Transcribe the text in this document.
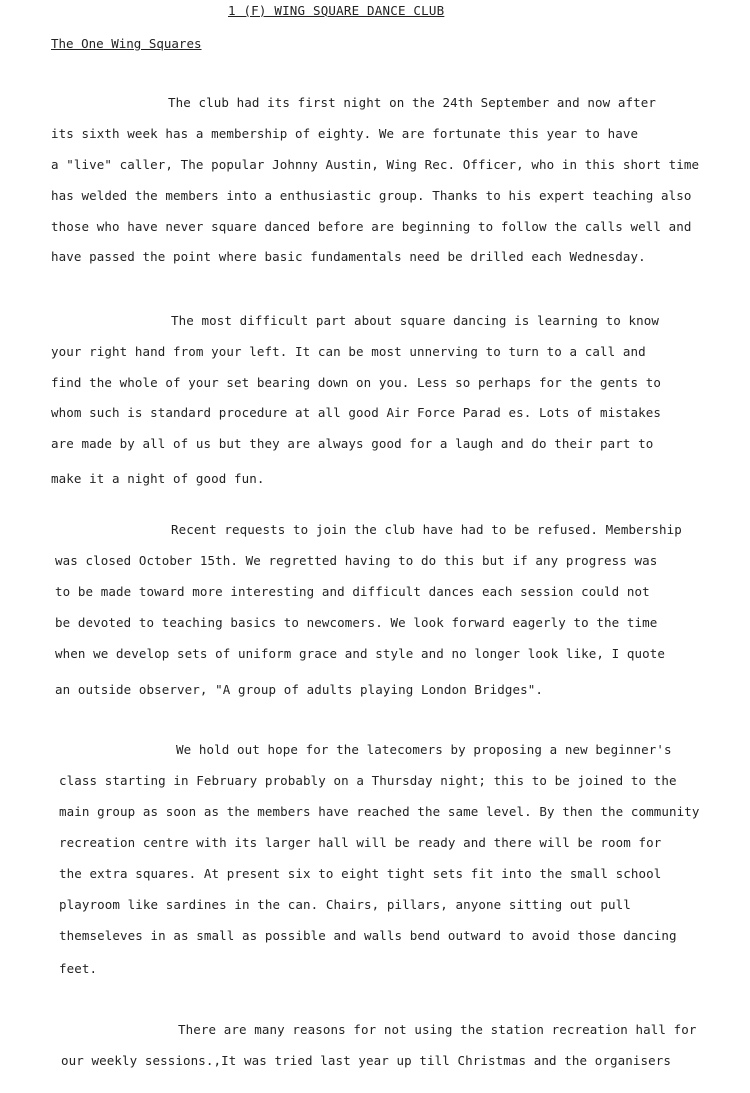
1 (F) WING SQUARE DANCE CLUB
The One Wing Squares
The club had its first night on the 24th September and now after
its sixth week has a membership of eighty. We are fortunate this year to have
a "live" caller, The popular Johnny Austin, Wing Rec. Officer, who in this short time
has welded the members into a enthusiastic group. Thanks to his expert teaching also
those who have never square danced before are beginning to follow the calls well and
have passed the point where basic fundamentals need be drilled each Wednesday.
The most difficult part about square dancing is learning to know
your right hand from your left. It can be most unnerving to turn to a call and
find the whole of your set bearing down on you. Less so perhaps for the gents to
whom such is standard procedure at all good Air Force Parad es. Lots of mistakes
are made by all of us but they are always good for a laugh and do their part to
make it a night of good fun.
Recent requests to join the club have had to be refused. Membership
was closed October 15th. We regretted having to do this but if any progress was
to be made toward more interesting and difficult dances each session could not
be devoted to teaching basics to newcomers. We look forward eagerly to the time
when we develop sets of uniform grace and style and no longer look like, I quote
an outside observer, "A group of adults playing London Bridges".
We hold out hope for the latecomers by proposing a new beginner's
class starting in February probably on a Thursday night; this to be joined to the
main group as soon as the members have reached the same level. By then the community
recreation centre with its larger hall will be ready and there will be room for
the extra squares. At present six to eight tight sets fit into the small school
playroom like sardines in the can. Chairs, pillars, anyone sitting out pull
themseleves in as small as possible and walls bend outward to avoid those dancing
feet.
There are many reasons for not using the station recreation hall for
our weekly sessions.,It was tried last year up till Christmas and the organisers
